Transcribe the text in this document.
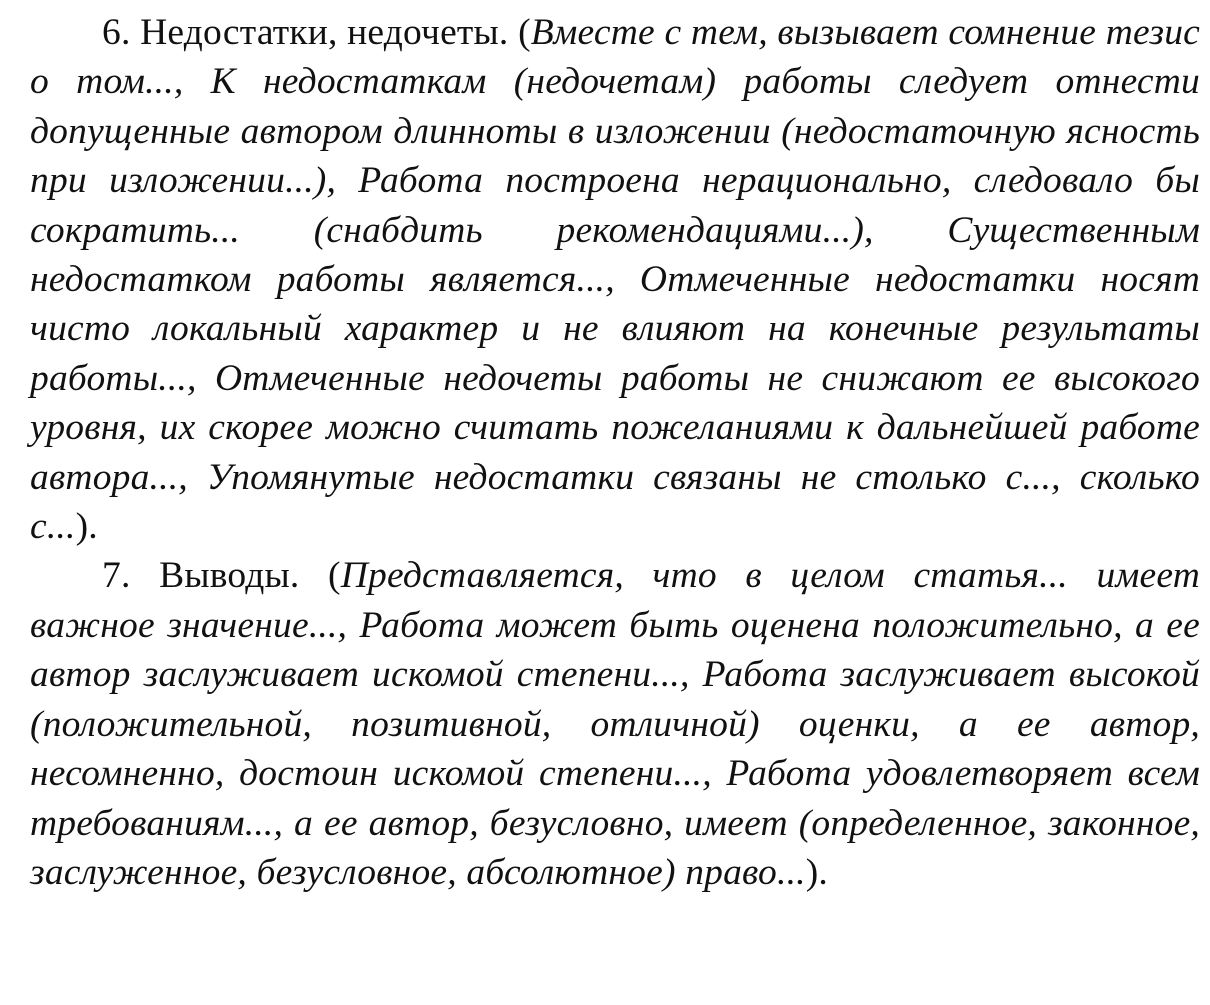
6. Недостатки, недочеты. (Вместе с тем, вызывает сомнение тезис о том..., К недостаткам (недочетам) работы следует отнести допущенные автором длинноты в изложении (недостаточную ясность при изложении...), Работа построена нерационально, следовало бы сократить... (снабдить рекомендациями...), Существенным недостатком работы является..., Отмеченные недостатки носят чисто локальный характер и не влияют на конечные результаты работы..., Отмеченные недочеты работы не снижают ее высокого уровня, их скорее можно считать пожеланиями к дальнейшей работе автора..., Упомянутые недостатки связаны не столько с..., сколько с...).

7. Выводы. (Представляется, что в целом статья... имеет важное значение..., Работа может быть оценена положительно, а ее автор заслуживает искомой степени..., Работа заслуживает высокой (положительной, позитивной, отличной) оценки, а ее автор, несомненно, достоин искомой степени..., Работа удовлетворяет всем требованиям..., а ее автор, безусловно, имеет (определенное, законное, заслуженное, безусловное, абсолютное) право...).
